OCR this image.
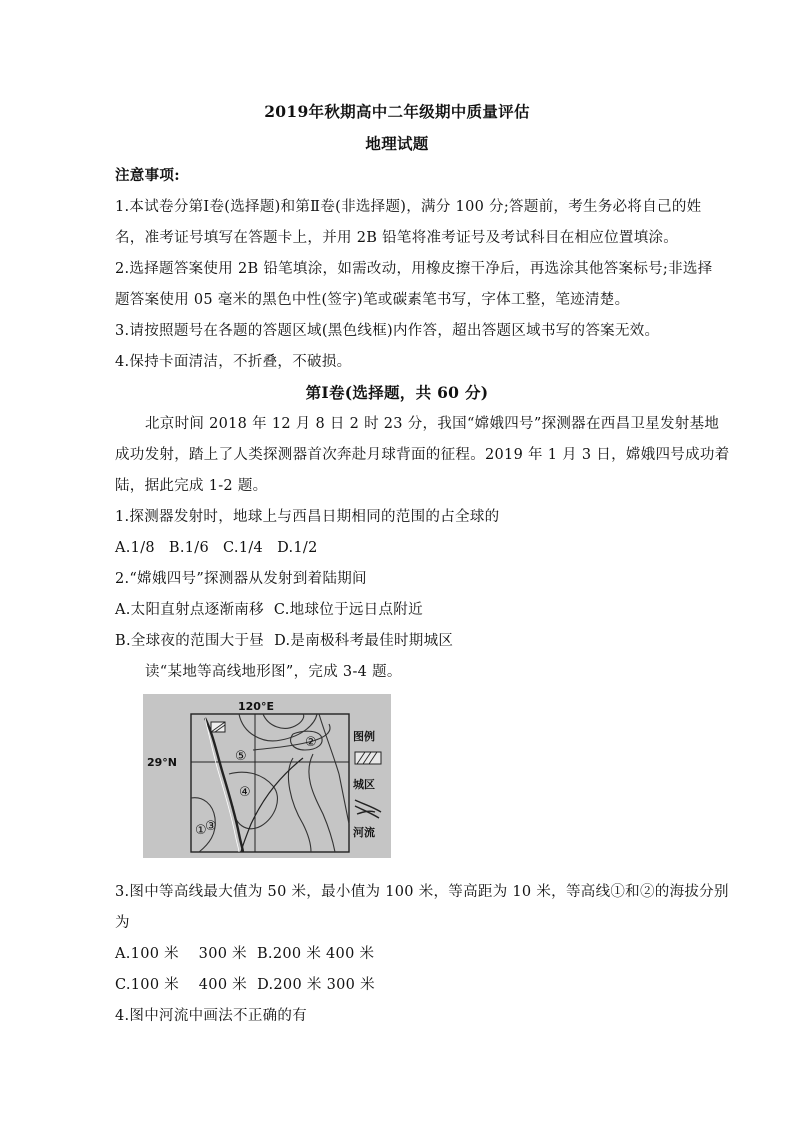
2019年秋期高中二年级期中质量评估
地理试题
注意事项:
1.本试卷分第Ⅰ卷(选择题)和第Ⅱ卷(非选择题)，满分 100 分;答题前，考生务必将自己的姓
名，准考证号填写在答题卡上，并用 2B 铅笔将准考证号及考试科目在相应位置填涂。
2.选择题答案使用 2B 铅笔填涂，如需改动，用橡皮擦干净后，再选涂其他答案标号;非选择
题答案使用 05 毫米的黑色中性(签字)笔或碳素笔书写，字体工整，笔迹清楚。
3.请按照题号在各题的答题区域(黑色线框)内作答，超出答题区域书写的答案无效。
4.保持卡面清洁，不折叠，不破损。
第Ⅰ卷(选择题，共 60 分)
北京时间 2018 年 12 月 8 日 2 时 23 分，我国“嫦娥四号”探测器在西昌卫星发射基地
成功发射，踏上了人类探测器首次奔赴月球背面的征程。2019 年 1 月 3 日，嫦娥四号成功着
陆，据此完成 1-2 题。
1.探测器发射时，地球上与西昌日期相同的范围的占全球的
A.1/8 B.1/6 C.1/4 D.1/2
2.“嫦娥四号”探测器从发射到着陆期间
A.太阳直射点逐渐南移 C.地球位于远日点附近
B.全球夜的范围大于昼 D.是南极科考最佳时期城区
读“某地等高线地形图”，完成 3-4 题。
①
②
③
④
⑤
120°E
29°N
图例
城区
河流
3.图中等高线最大值为 50 米，最小值为 100 米，等高距为 10 米，等高线①和②的海拔分别
为
A.100 米　 300 米 B.200 米 400 米
C.100 米　 400 米 D.200 米 300 米
4.图中河流中画法不正确的有
